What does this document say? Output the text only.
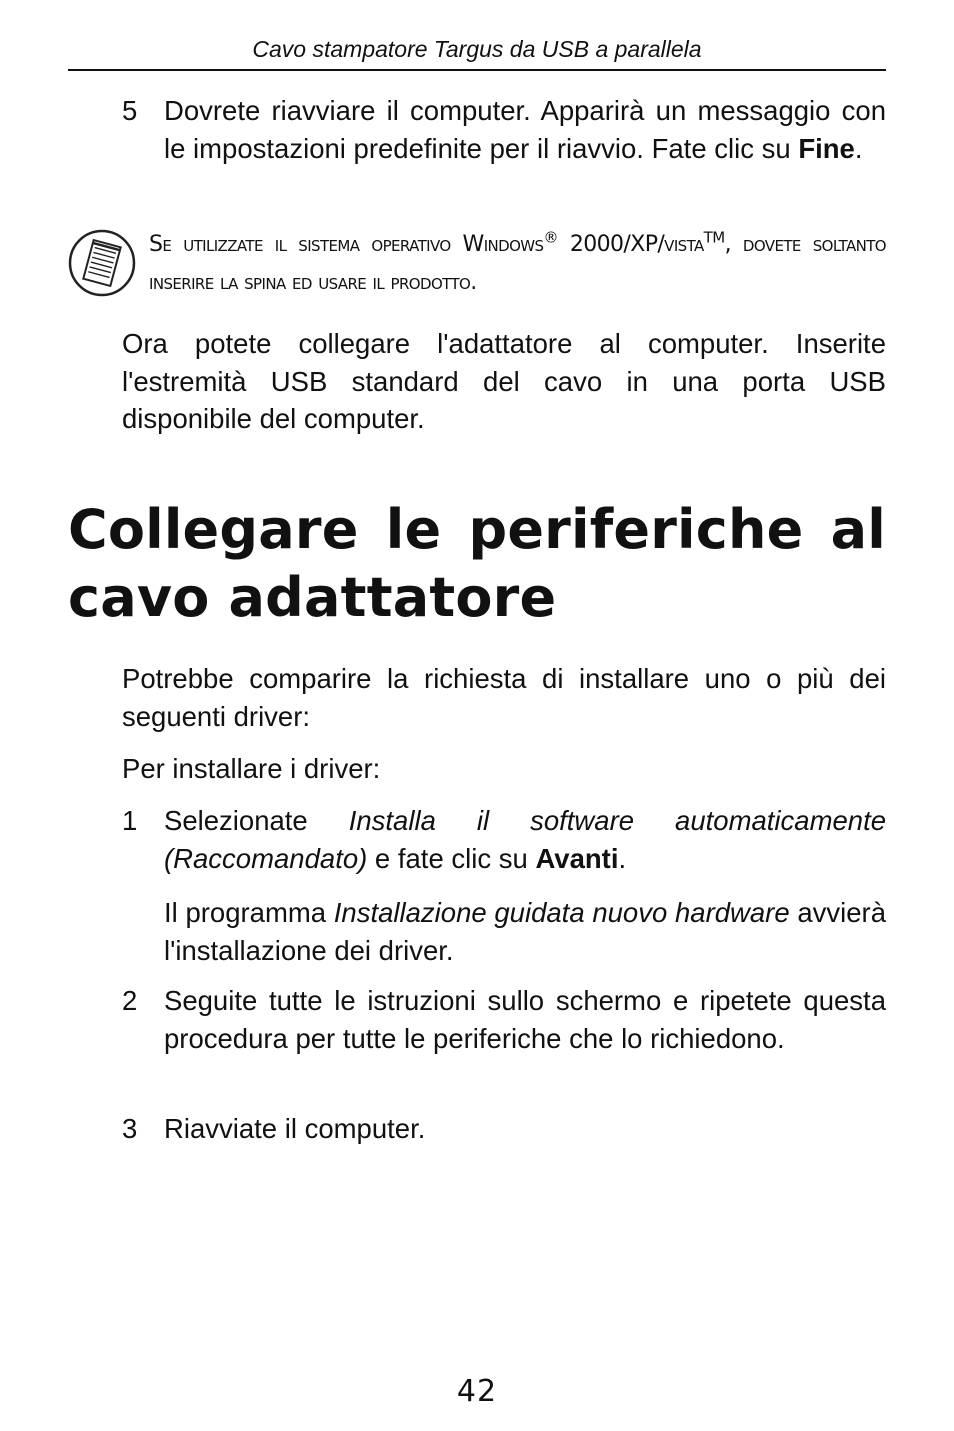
Cavo stampatore Targus da USB a parallela
5 Dovrete riavviare il computer. Apparirà un messaggio con le impostazioni predefinite per il riavvio. Fate clic su Fine.
Se utilizzate il sistema operativo Windows® 2000/XP/vista™, dovete soltanto inserire la spina ed usare il prodotto.
Ora potete collegare l'adattatore al computer. Inserite l'estremità USB standard del cavo in una porta USB disponibile del computer.
Collegare le periferiche al cavo adattatore
Potrebbe comparire la richiesta di installare uno o più dei seguenti driver:
Per installare i driver:
1 Selezionate Installa il software automaticamente (Raccomandato) e fate clic su Avanti.
Il programma Installazione guidata nuovo hardware avvierà l'installazione dei driver.
2 Seguite tutte le istruzioni sullo schermo e ripetete questa procedura per tutte le periferiche che lo richiedono.
3 Riavviate il computer.
42
